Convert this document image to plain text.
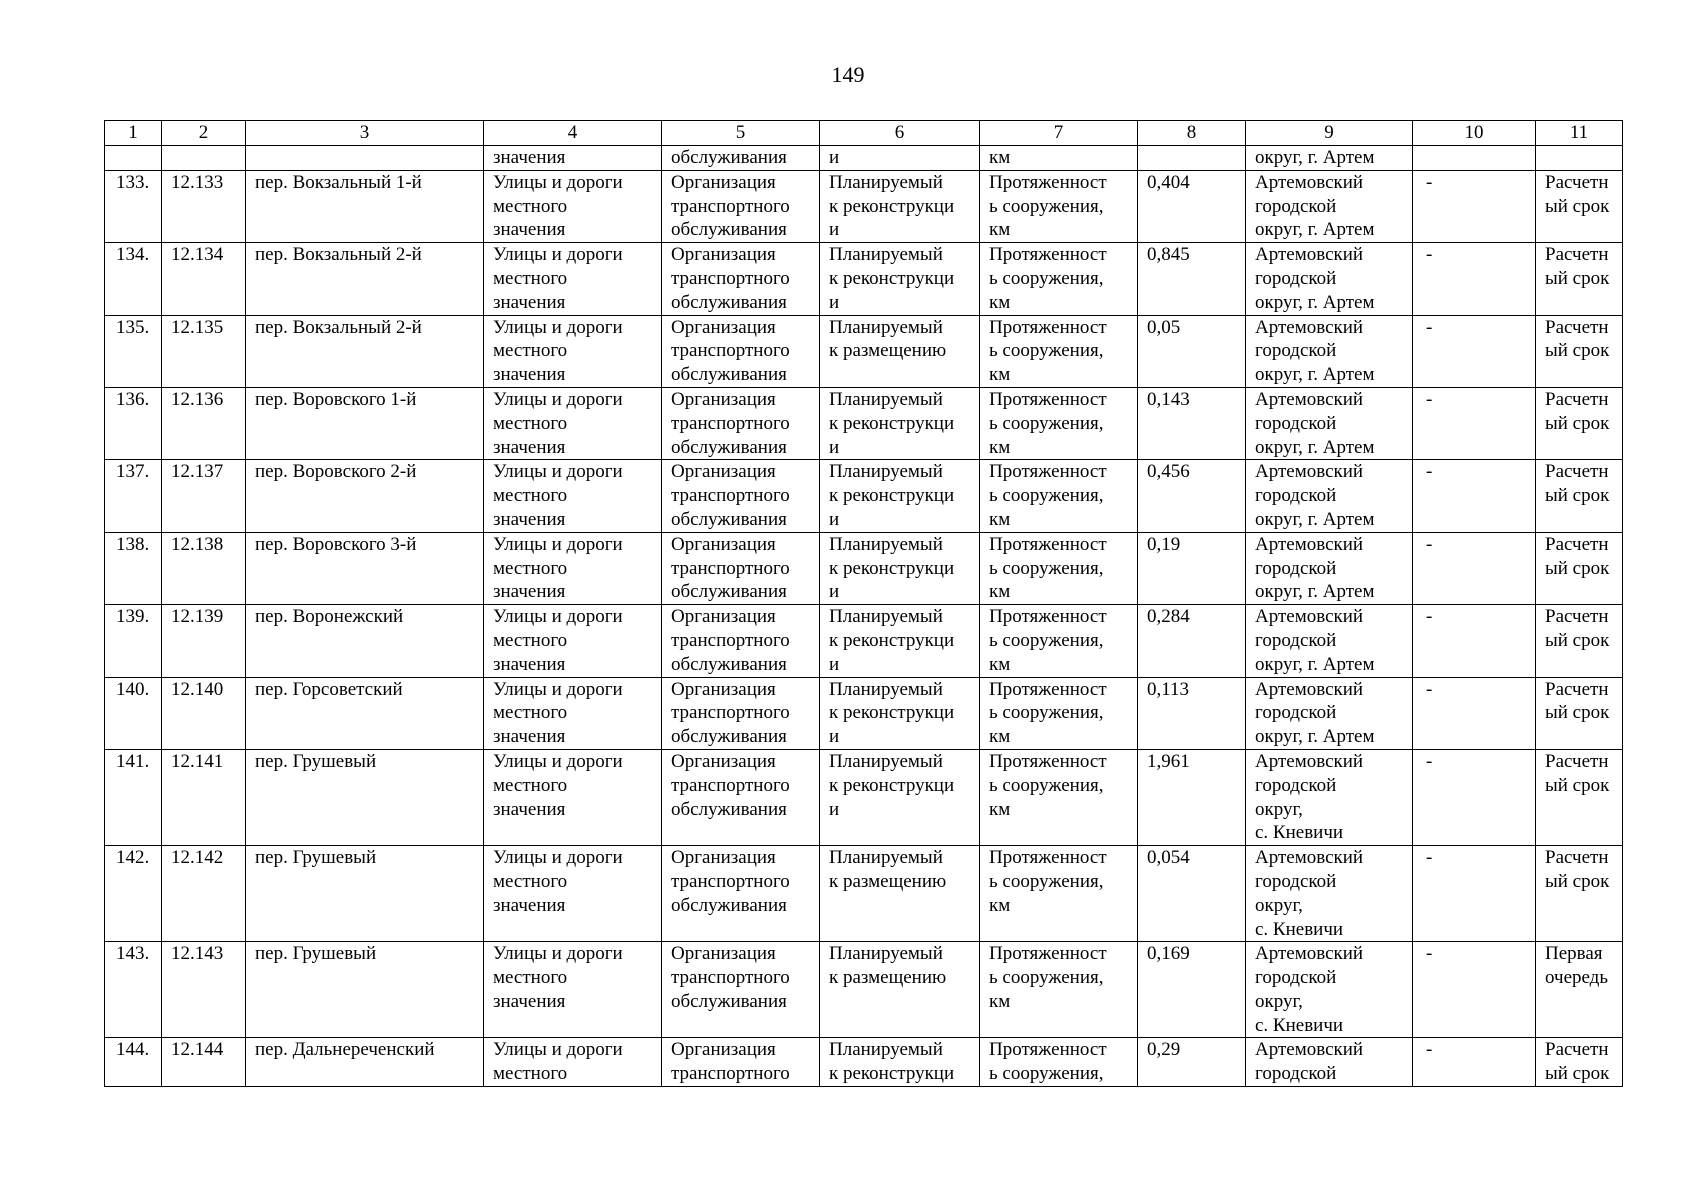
149
1	2	3	4	5	6	7	8	9	10	11
			значения	обслуживания	и	км		округ, г. Артем		
133.	12.133	пер. Вокзальный 1-й	Улицы и дороги
местного
значения	Организация
транспортного
обслуживания	Планируемый
к реконструкци
и	Протяженност
ь сооружения,
км	0,404	Артемовский
городской
округ, г. Артем	-	Расчетн
ый срок

134.	12.134	пер. Вокзальный 2-й	Улицы и дороги
местного
значения	Организация
транспортного
обслуживания	Планируемый
к реконструкци
и	Протяженност
ь сооружения,
км	0,845	Артемовский
городской
округ, г. Артем	-	Расчетн
ый срок

135.	12.135	пер. Вокзальный 2-й	Улицы и дороги
местного
значения	Организация
транспортного
обслуживания	Планируемый
к размещению	Протяженност
ь сооружения,
км	0,05	Артемовский
городской
округ, г. Артем	-	Расчетн
ый срок

136.	12.136	пер. Воровского 1-й	Улицы и дороги
местного
значения	Организация
транспортного
обслуживания	Планируемый
к реконструкци
и	Протяженност
ь сооружения,
км	0,143	Артемовский
городской
округ, г. Артем	-	Расчетн
ый срок

137.	12.137	пер. Воровского 2-й	Улицы и дороги
местного
значения	Организация
транспортного
обслуживания	Планируемый
к реконструкци
и	Протяженност
ь сооружения,
км	0,456	Артемовский
городской
округ, г. Артем	-	Расчетн
ый срок

138.	12.138	пер. Воровского 3-й	Улицы и дороги
местного
значения	Организация
транспортного
обслуживания	Планируемый
к реконструкци
и	Протяженност
ь сооружения,
км	0,19	Артемовский
городской
округ, г. Артем	-	Расчетн
ый срок

139.	12.139	пер. Воронежский	Улицы и дороги
местного
значения	Организация
транспортного
обслуживания	Планируемый
к реконструкци
и	Протяженност
ь сооружения,
км	0,284	Артемовский
городской
округ, г. Артем	-	Расчетн
ый срок

140.	12.140	пер. Горсоветский	Улицы и дороги
местного
значения	Организация
транспортного
обслуживания	Планируемый
к реконструкци
и	Протяженност
ь сооружения,
км	0,113	Артемовский
городской
округ, г. Артем	-	Расчетн
ый срок

141.	12.141	пер. Грушевый	Улицы и дороги
местного
значения	Организация
транспортного
обслуживания	Планируемый
к реконструкци
и	Протяженност
ь сооружения,
км	1,961	Артемовский
городской
округ,
с. Кневичи	-	Расчетн
ый срок

142.	12.142	пер. Грушевый	Улицы и дороги
местного
значения	Организация
транспортного
обслуживания	Планируемый
к размещению	Протяженност
ь сооружения,
км	0,054	Артемовский
городской
округ,
с. Кневичи	-	Расчетн
ый срок

143.	12.143	пер. Грушевый	Улицы и дороги
местного
значения	Организация
транспортного
обслуживания	Планируемый
к размещению	Протяженност
ь сооружения,
км	0,169	Артемовский
городской
округ,
с. Кневичи	-	Первая
очередь

144.	12.144	пер. Дальнереченский	Улицы и дороги
местного	Организация
транспортного	Планируемый
к реконструкци	Протяженност
ь сооружения,	0,29	Артемовский
городской	-	Расчетн
ый срок
